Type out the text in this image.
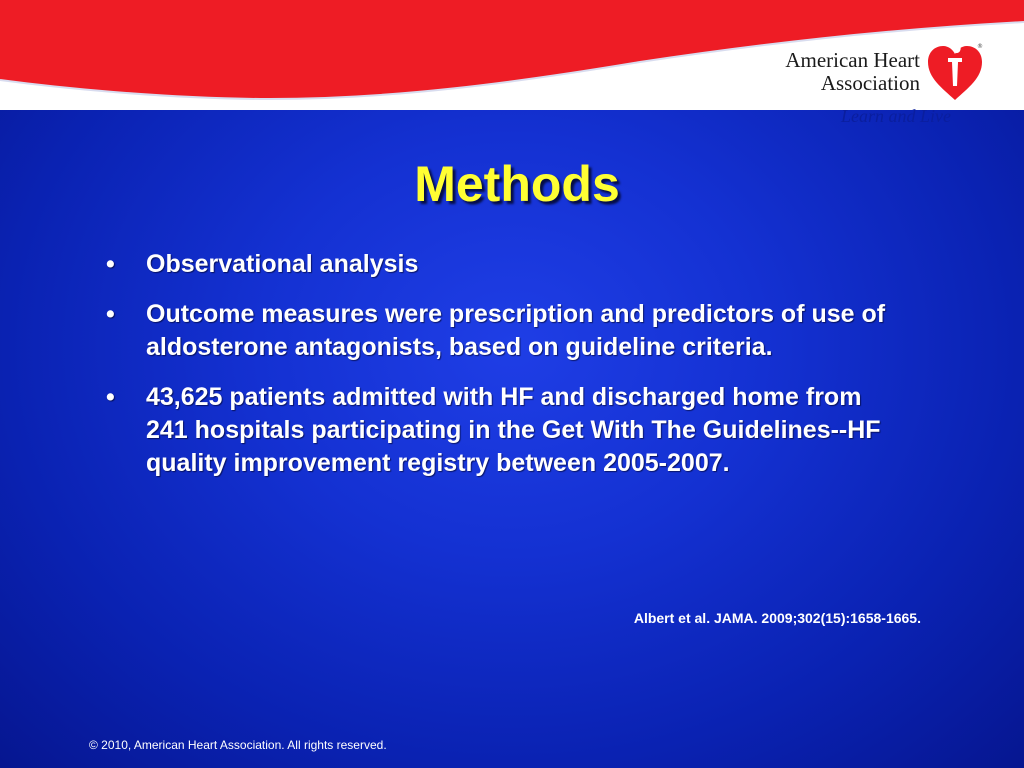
American Heart
Association
Learn and Live
®
Methods
• Observational analysis
• Outcome measures were prescription and predictors of use of aldosterone antagonists, based on guideline criteria.
• 43,625 patients admitted with HF and discharged home from 241 hospitals participating in the Get With The Guidelines--HF quality improvement registry between 2005-2007.
Albert et al. JAMA. 2009;302(15):1658-1665.
© 2010, American Heart Association. All rights reserved.
